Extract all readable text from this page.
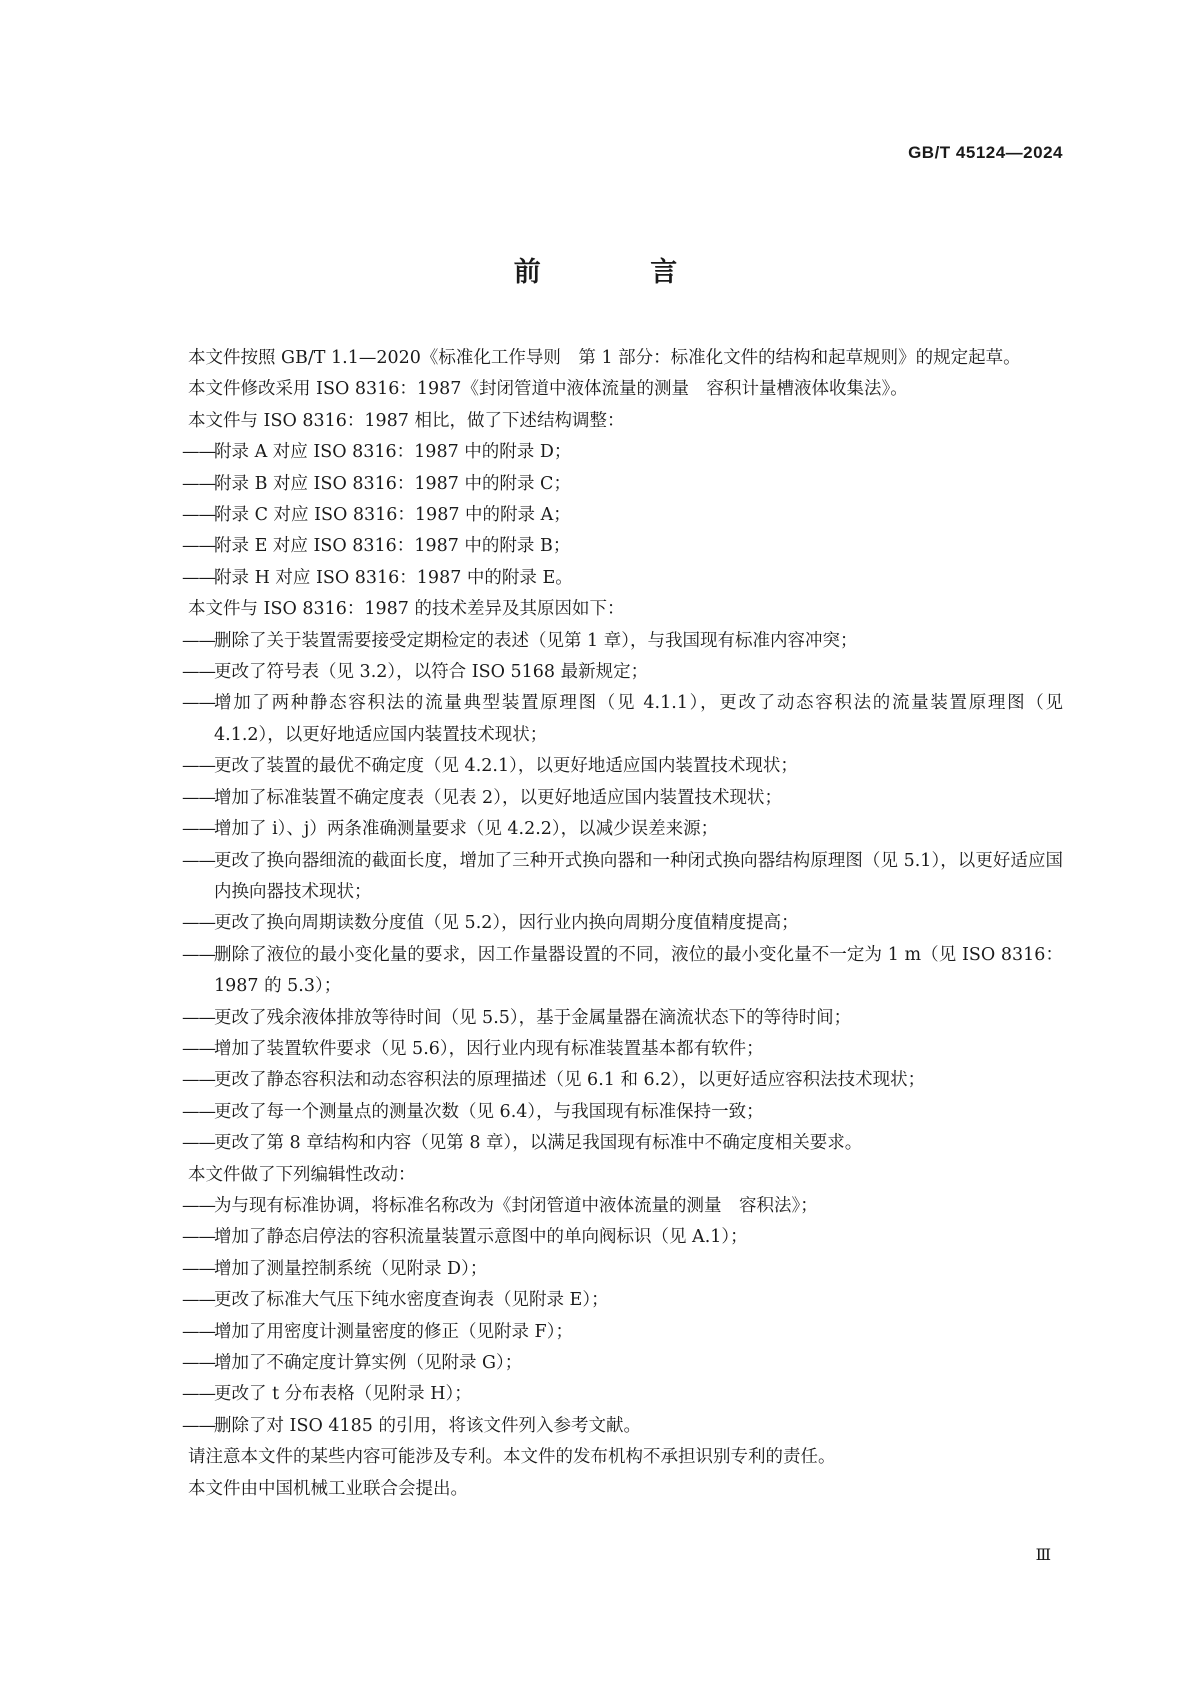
GB/T 45124—2024
前 言

本文件按照 GB/T 1.1—2020《标准化工作导则　第 1 部分：标准化文件的结构和起草规则》的规定起草。

本文件修改采用 ISO 8316：1987《封闭管道中液体流量的测量　容积计量槽液体收集法》。

本文件与 ISO 8316：1987 相比，做了下述结构调整：

—— 附录 A 对应 ISO 8316：1987 中的附录 D；

—— 附录 B 对应 ISO 8316：1987 中的附录 C；

—— 附录 C 对应 ISO 8316：1987 中的附录 A；

—— 附录 E 对应 ISO 8316：1987 中的附录 B；

—— 附录 H 对应 ISO 8316：1987 中的附录 E。

本文件与 ISO 8316：1987 的技术差异及其原因如下：

—— 删除了关于装置需要接受定期检定的表述（见第 1 章），与我国现有标准内容冲突；

—— 更改了符号表（见 3.2），以符合 ISO 5168 最新规定；

—— 增加了两种静态容积法的流量典型装置原理图（见 4.1.1），更改了动态容积法的流量装置原理图（见 4.1.2），以更好地适应国内装置技术现状；

—— 更改了装置的最优不确定度（见 4.2.1），以更好地适应国内装置技术现状；

—— 增加了标准装置不确定度表（见表 2），以更好地适应国内装置技术现状；

—— 增加了 i）、j）两条准确测量要求（见 4.2.2），以减少误差来源；

—— 更改了换向器细流的截面长度，增加了三种开式换向器和一种闭式换向器结构原理图（见 5.1），以更好适应国内换向器技术现状；

—— 更改了换向周期读数分度值（见 5.2），因行业内换向周期分度值精度提高；

—— 删除了液位的最小变化量的要求，因工作量器设置的不同，液位的最小变化量不一定为 1 m（见 ISO 8316：1987 的 5.3）；

—— 更改了残余液体排放等待时间（见 5.5），基于金属量器在滴流状态下的等待时间；

—— 增加了装置软件要求（见 5.6），因行业内现有标准装置基本都有软件；

—— 更改了静态容积法和动态容积法的原理描述（见 6.1 和 6.2），以更好适应容积法技术现状；

—— 更改了每一个测量点的测量次数（见 6.4），与我国现有标准保持一致；

—— 更改了第 8 章结构和内容（见第 8 章），以满足我国现有标准中不确定度相关要求。

本文件做了下列编辑性改动：

—— 为与现有标准协调，将标准名称改为《封闭管道中液体流量的测量　容积法》；

—— 增加了静态启停法的容积流量装置示意图中的单向阀标识（见 A.1）；

—— 增加了测量控制系统（见附录 D）；

—— 更改了标准大气压下纯水密度查询表（见附录 E）；

—— 增加了用密度计测量密度的修正（见附录 F）；

—— 增加了不确定度计算实例（见附录 G）；

—— 更改了 t 分布表格（见附录 H）；

—— 删除了对 ISO 4185 的引用，将该文件列入参考文献。

请注意本文件的某些内容可能涉及专利。本文件的发布机构不承担识别专利的责任。

本文件由中国机械工业联合会提出。

Ⅲ
